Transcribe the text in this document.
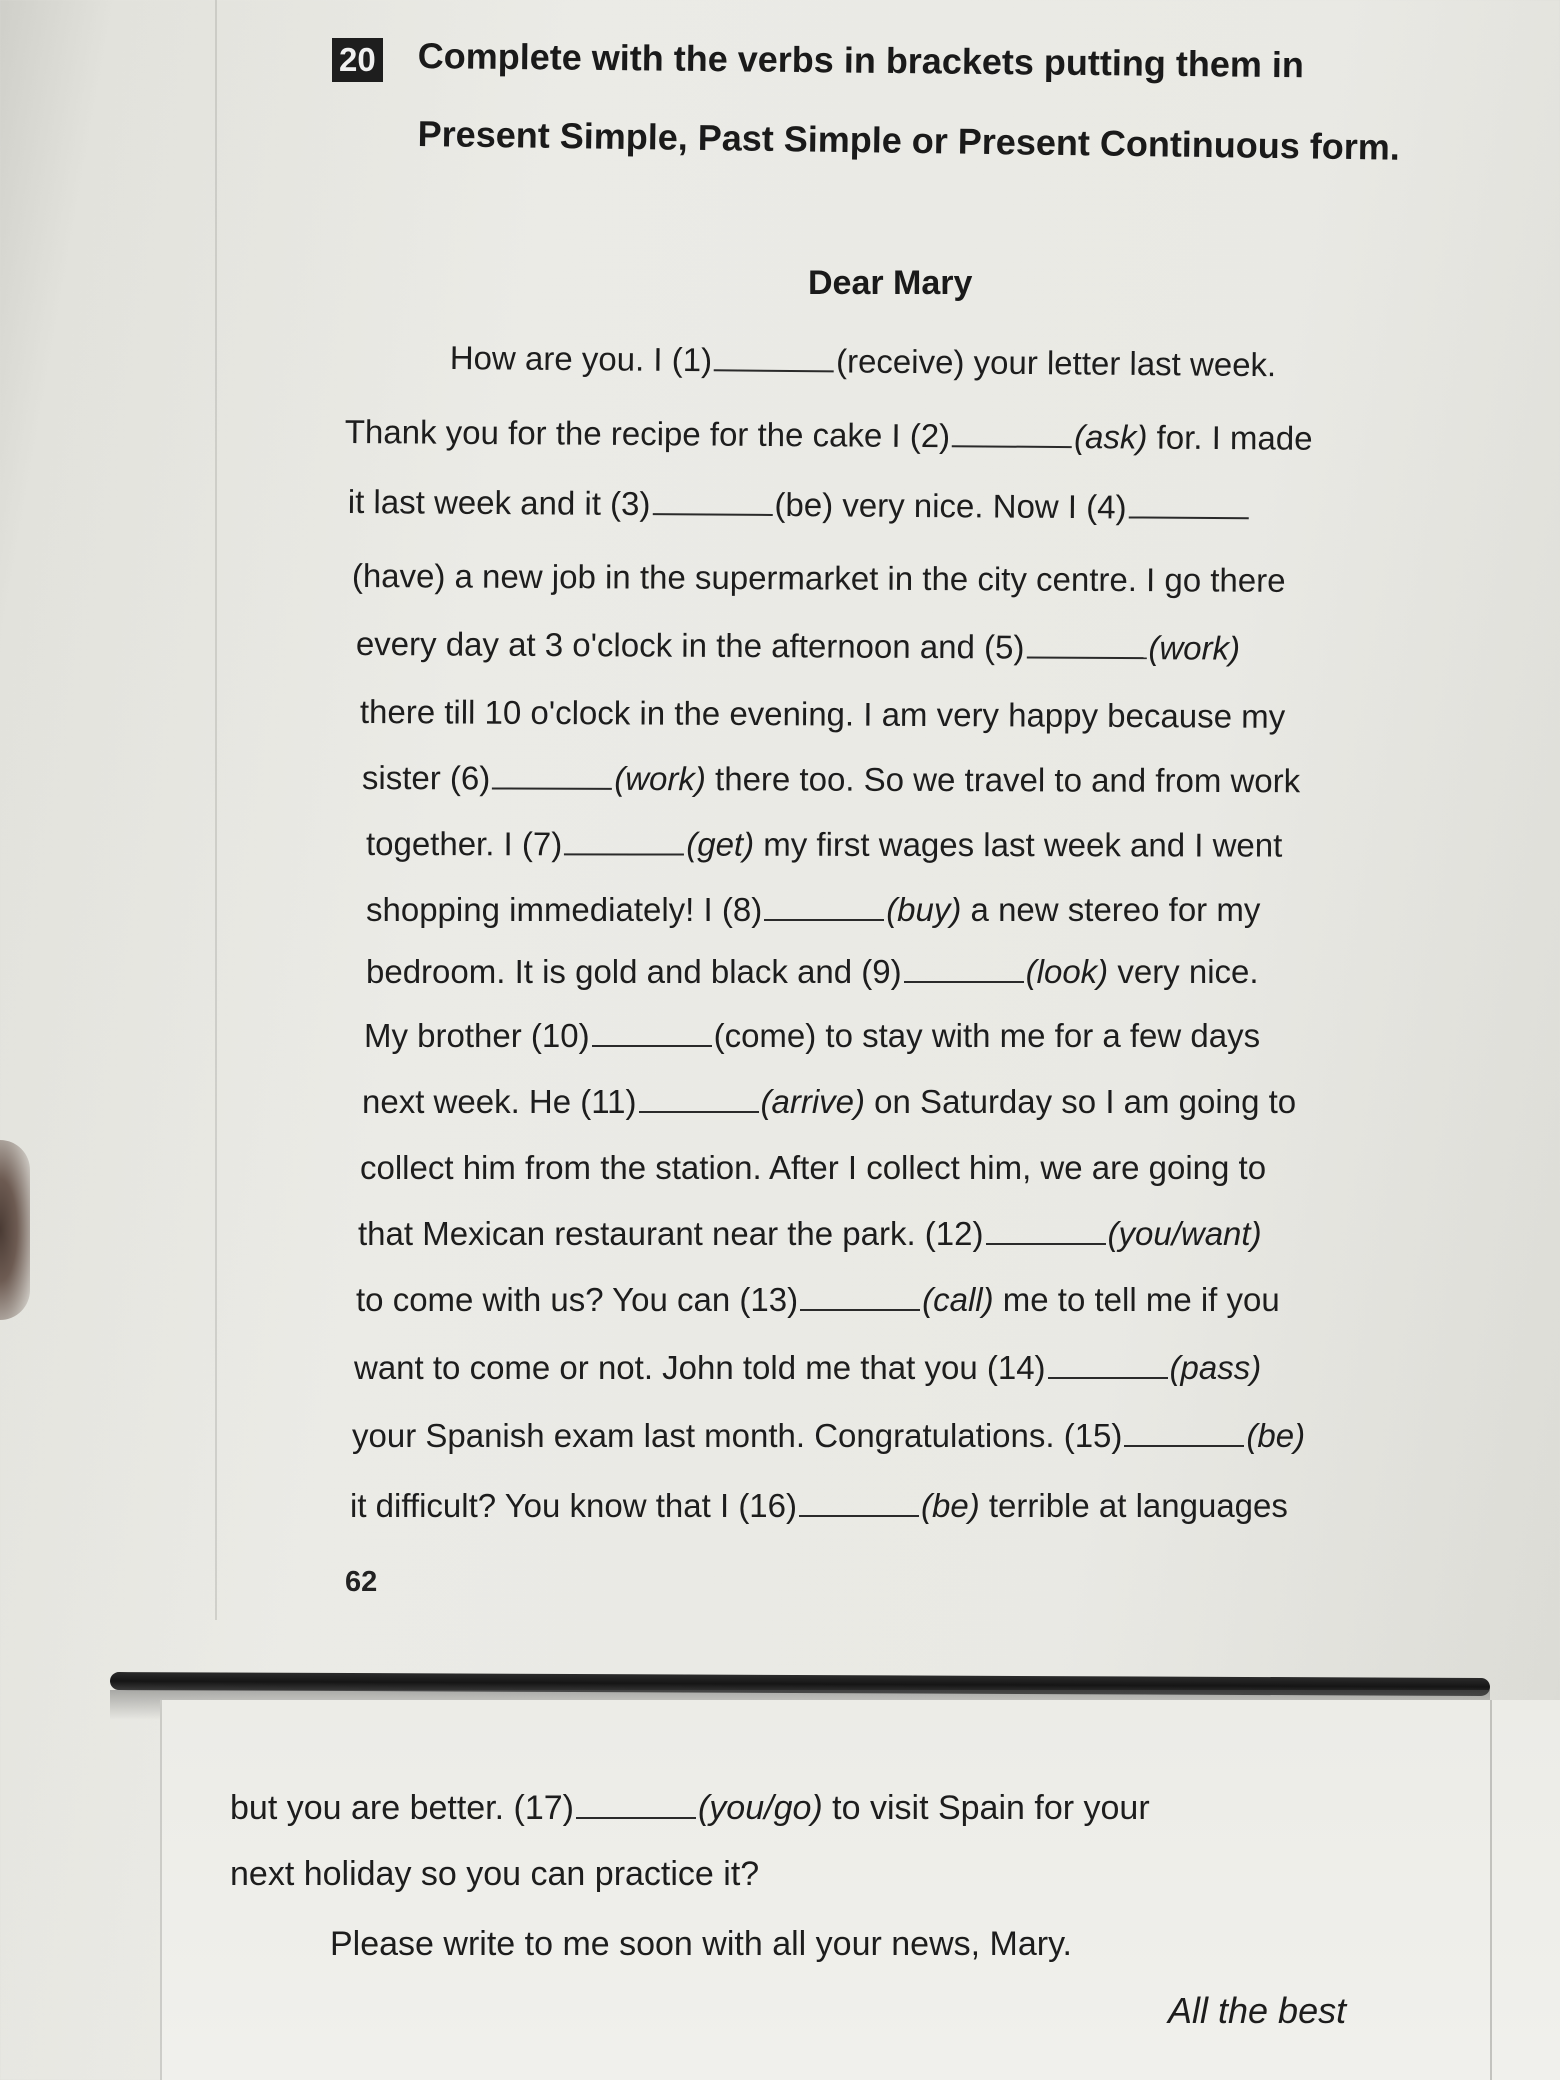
20 Complete with the verbs in brackets putting them in
Present Simple, Past Simple or Present Continuous form.
Dear Mary
How are you. I (1)	(receive) your letter last week.
Thank you for the recipe for the cake I (2)	(ask) for. I made
it last week and it (3)	(be) very nice. Now I (4)
(have) a new job in the supermarket in the city centre. I go there
every day at 3 o'clock in the afternoon and (5)	(work)
there till 10 o'clock in the evening. I am very happy because my
sister (6)	(work) there too. So we travel to and from work
together. I (7)	(get) my first wages last week and I went
shopping immediately! I (8)	(buy) a new stereo for my
bedroom. It is gold and black and (9)	(look) very nice.
My brother (10)	(come) to stay with me for a few days
next week. He (11)	(arrive) on Saturday so I am going to
collect him from the station. After I collect him, we are going to
that Mexican restaurant near the park. (12)	(you/want)
to come with us? You can (13)	(call) me to tell me if you
want to come or not. John told me that you (14)	(pass)
your Spanish exam last month. Congratulations. (15)	(be)
it difficult? You know that I (16)	(be) terrible at languages
62
but you are better. (17)	(you/go) to visit Spain for your
next holiday so you can practice it?
Please write to me soon with all your news, Mary.
All the best
